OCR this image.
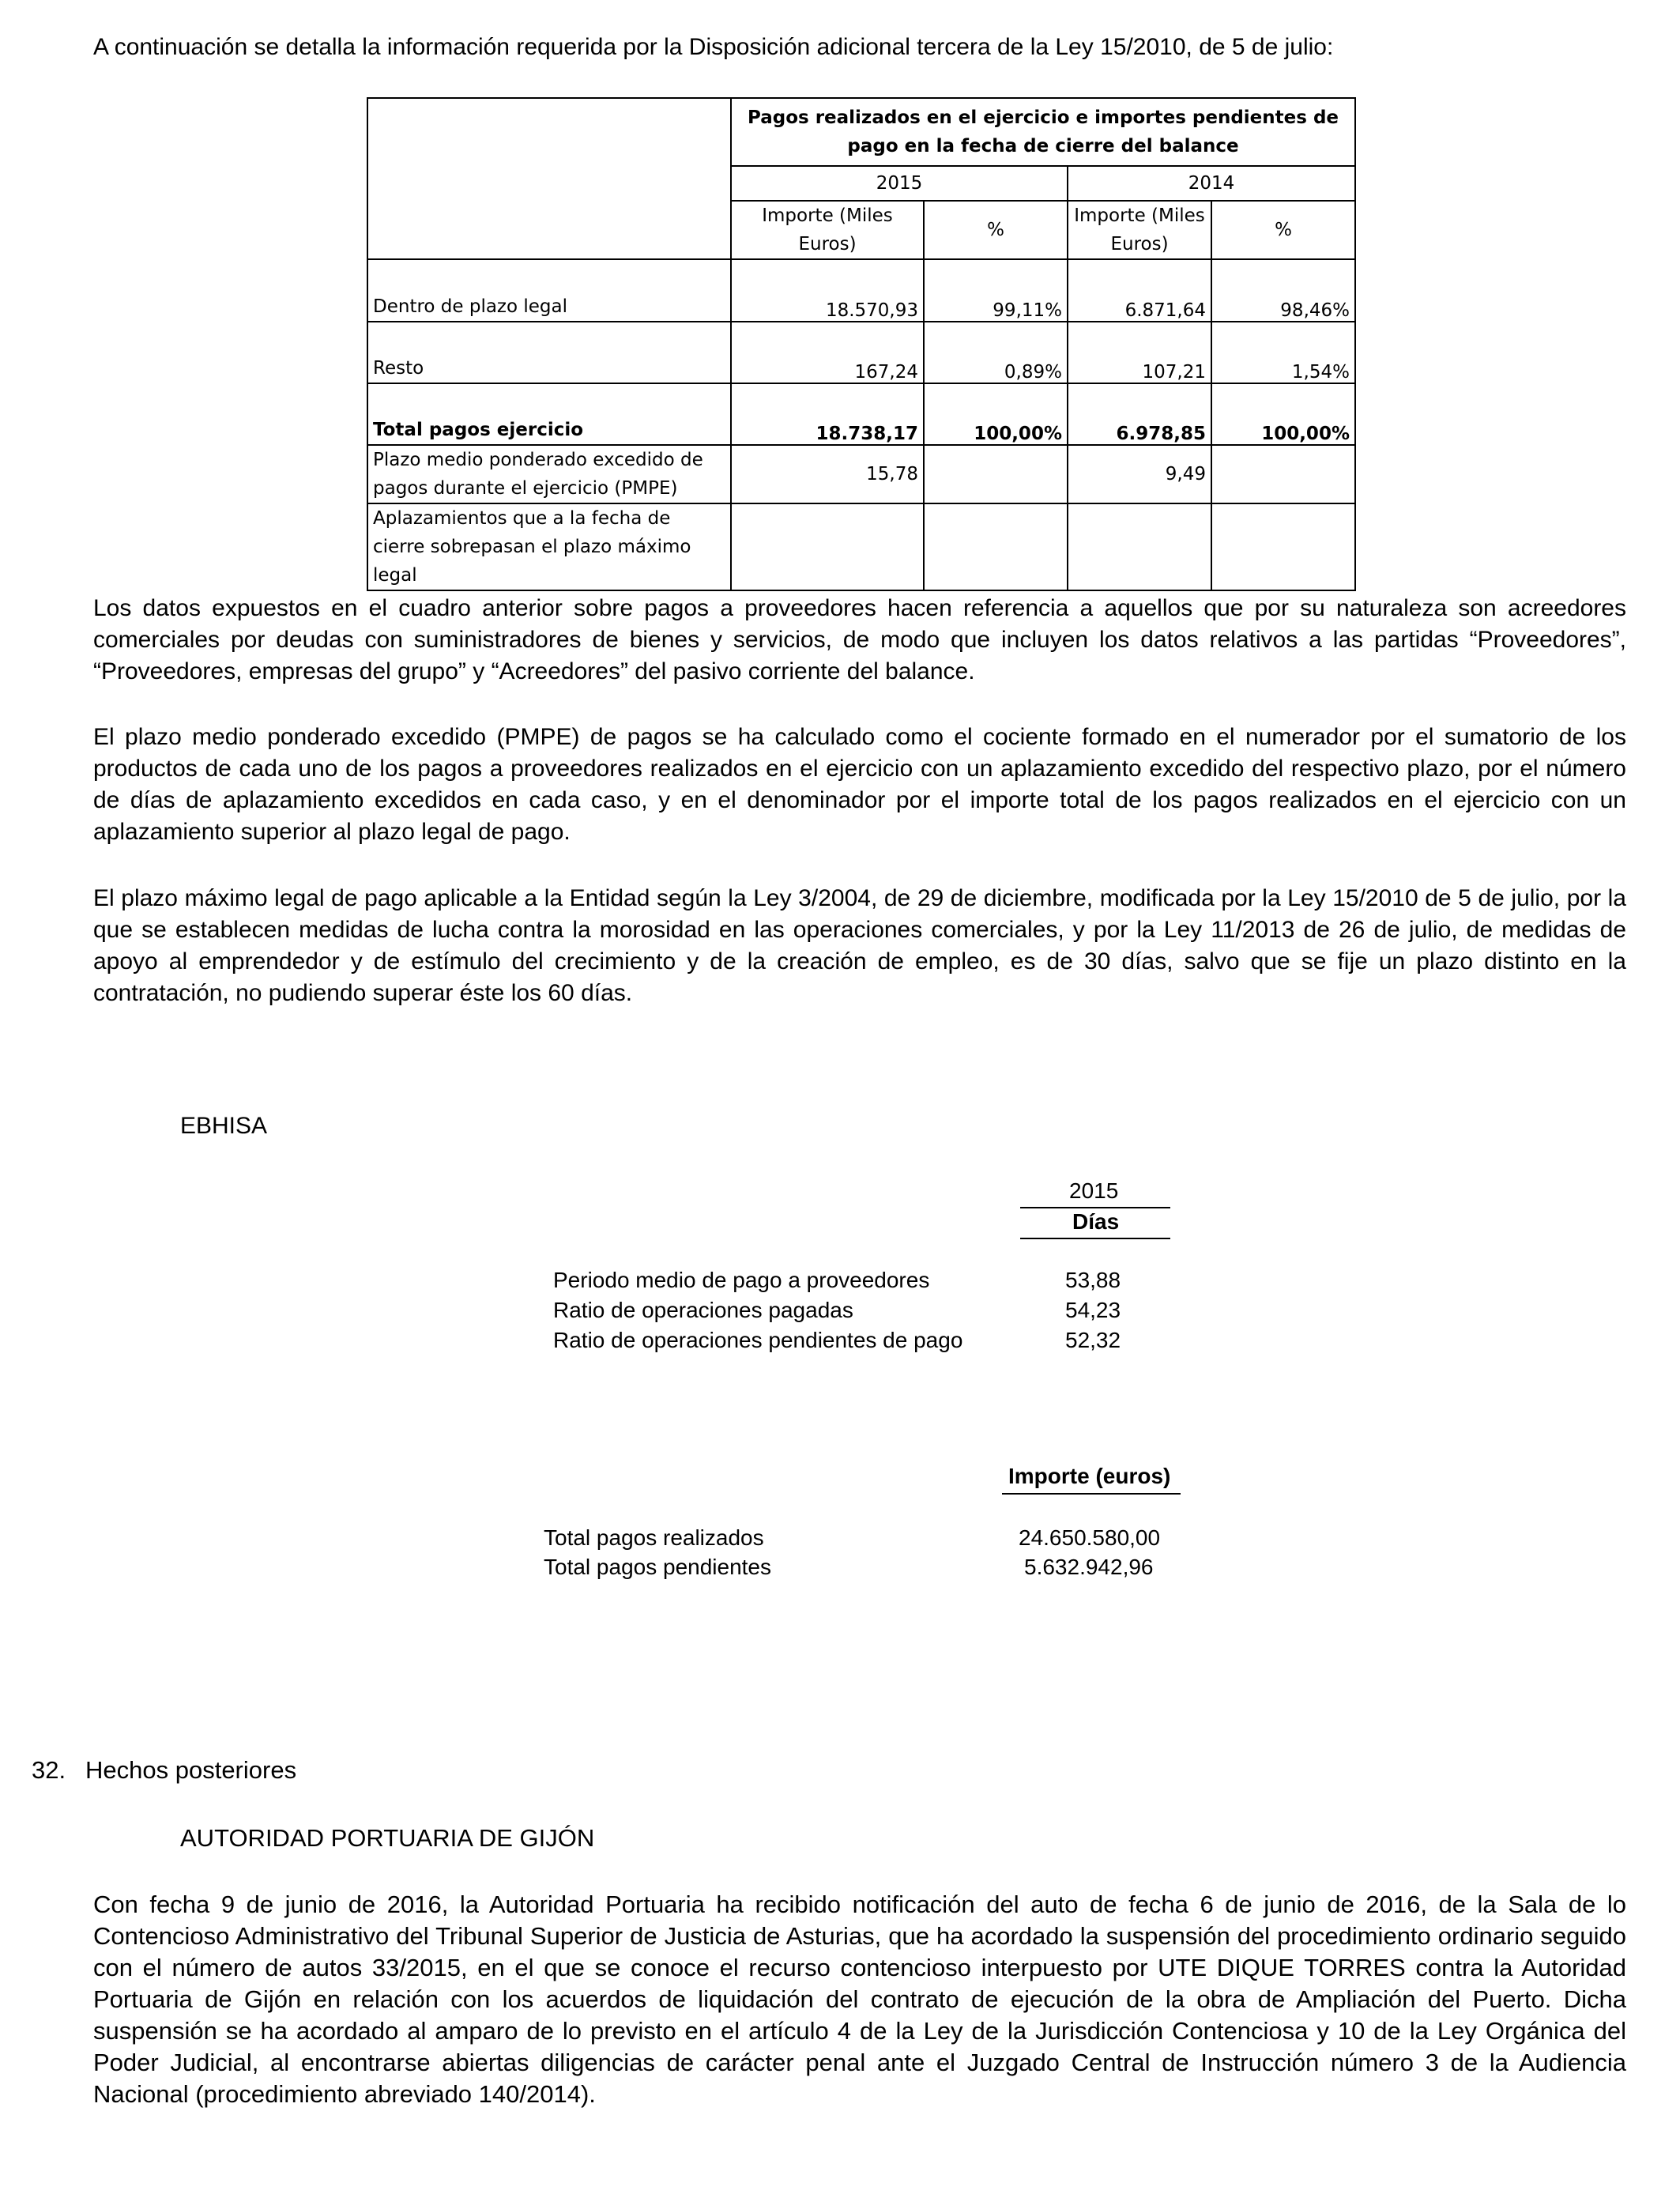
A continuación se detalla la información requerida por la Disposición adicional tercera de la Ley 15/2010, de 5 de julio:

	Pagos realizados en el ejercicio e importes pendientes de pago en la fecha de cierre del balance			
	2015		2014	
	Importe (Miles Euros)	%	Importe (Miles Euros)	%
Dentro de plazo legal	18.570,93	99,11%	6.871,64	98,46%
Resto	167,24	0,89%	107,21	1,54%
Total pagos ejercicio	18.738,17	100,00%	6.978,85	100,00%
Plazo medio ponderado excedido de pagos durante el ejercicio (PMPE)	15,78		9,49	
Aplazamientos que a la fecha de cierre sobrepasan el plazo máximo legal				

Los datos expuestos en el cuadro anterior sobre pagos a proveedores hacen referencia a aquellos que por su naturaleza son acreedores comerciales por deudas con suministradores de bienes y servicios, de modo que incluyen los datos relativos a las partidas “Proveedores”, “Proveedores, empresas del grupo” y “Acreedores” del pasivo corriente del balance.

El plazo medio ponderado excedido (PMPE) de pagos se ha calculado como el cociente formado en el numerador por el sumatorio de los productos de cada uno de los pagos a proveedores realizados en el ejercicio con un aplazamiento excedido del respectivo plazo, por el número de días de aplazamiento excedidos en cada caso, y en el denominador por el importe total de los pagos realizados en el ejercicio con un aplazamiento superior al plazo legal de pago.

El plazo máximo legal de pago aplicable a la Entidad según la Ley 3/2004, de 29 de diciembre, modificada por la Ley 15/2010 de 5 de julio, por la que se establecen medidas de lucha contra la morosidad en las operaciones comerciales, y por la Ley 11/2013 de 26 de julio, de medidas de apoyo al emprendedor y de estímulo del crecimiento y de la creación de empleo, es de 30 días, salvo que se fije un plazo distinto en la contratación, no pudiendo superar éste los 60 días.

EBHISA

2015
Días
Periodo medio de pago a proveedores	53,88
Ratio de operaciones pagadas	54,23
Ratio de operaciones pendientes de pago	52,32
Importe (euros)
Total pagos realizados	24.650.580,00
Total pagos pendientes	5.632.942,96
32. Hechos posteriores
AUTORIDAD PORTUARIA DE GIJÓN

Con fecha 9 de junio de 2016, la Autoridad Portuaria ha recibido notificación del auto de fecha 6 de junio de 2016, de la Sala de lo Contencioso Administrativo del Tribunal Superior de Justicia de Asturias, que ha acordado la suspensión del procedimiento ordinario seguido con el número de autos 33/2015, en el que se conoce el recurso contencioso interpuesto por UTE DIQUE TORRES contra la Autoridad Portuaria de Gijón en relación con los acuerdos de liquidación del contrato de ejecución de la obra de Ampliación del Puerto. Dicha suspensión se ha acordado al amparo de lo previsto en el artículo 4 de la Ley de la Jurisdicción Contenciosa y 10 de la Ley Orgánica del Poder Judicial, al encontrarse abiertas diligencias de carácter penal ante el Juzgado Central de Instrucción número 3 de la Audiencia Nacional (procedimiento abreviado 140/2014).
